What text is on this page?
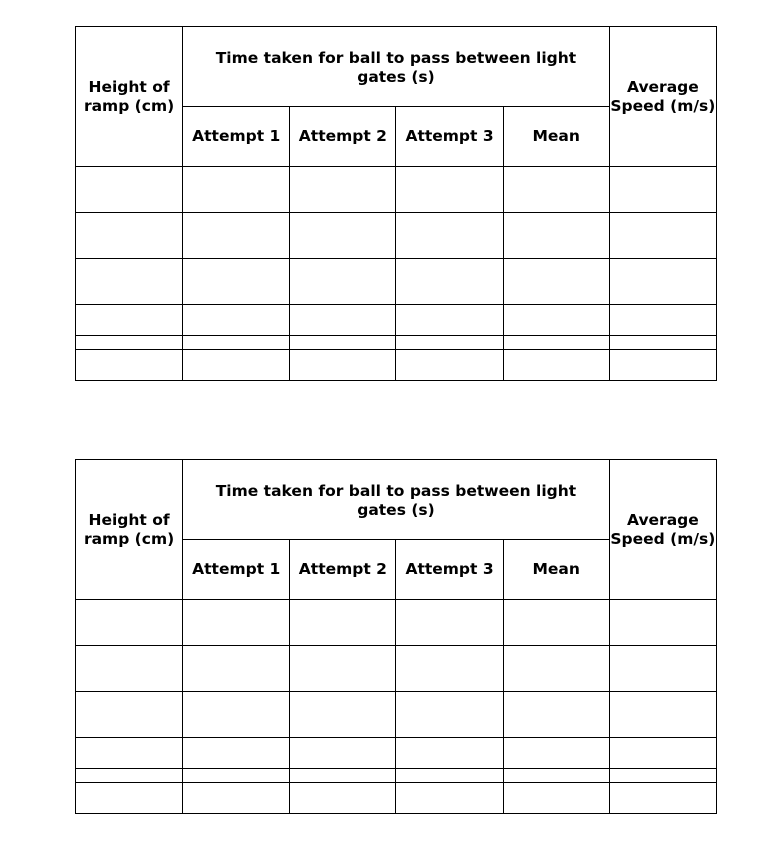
Height of ramp (cm)	Time taken for ball to pass between light gates (s)				Average Speed (m/s)
	Attempt 1	Attempt 2	Attempt 3	Mean	

Height of ramp (cm)	Time taken for ball to pass between light gates (s)				Average Speed (m/s)
	Attempt 1	Attempt 2	Attempt 3	Mean	
